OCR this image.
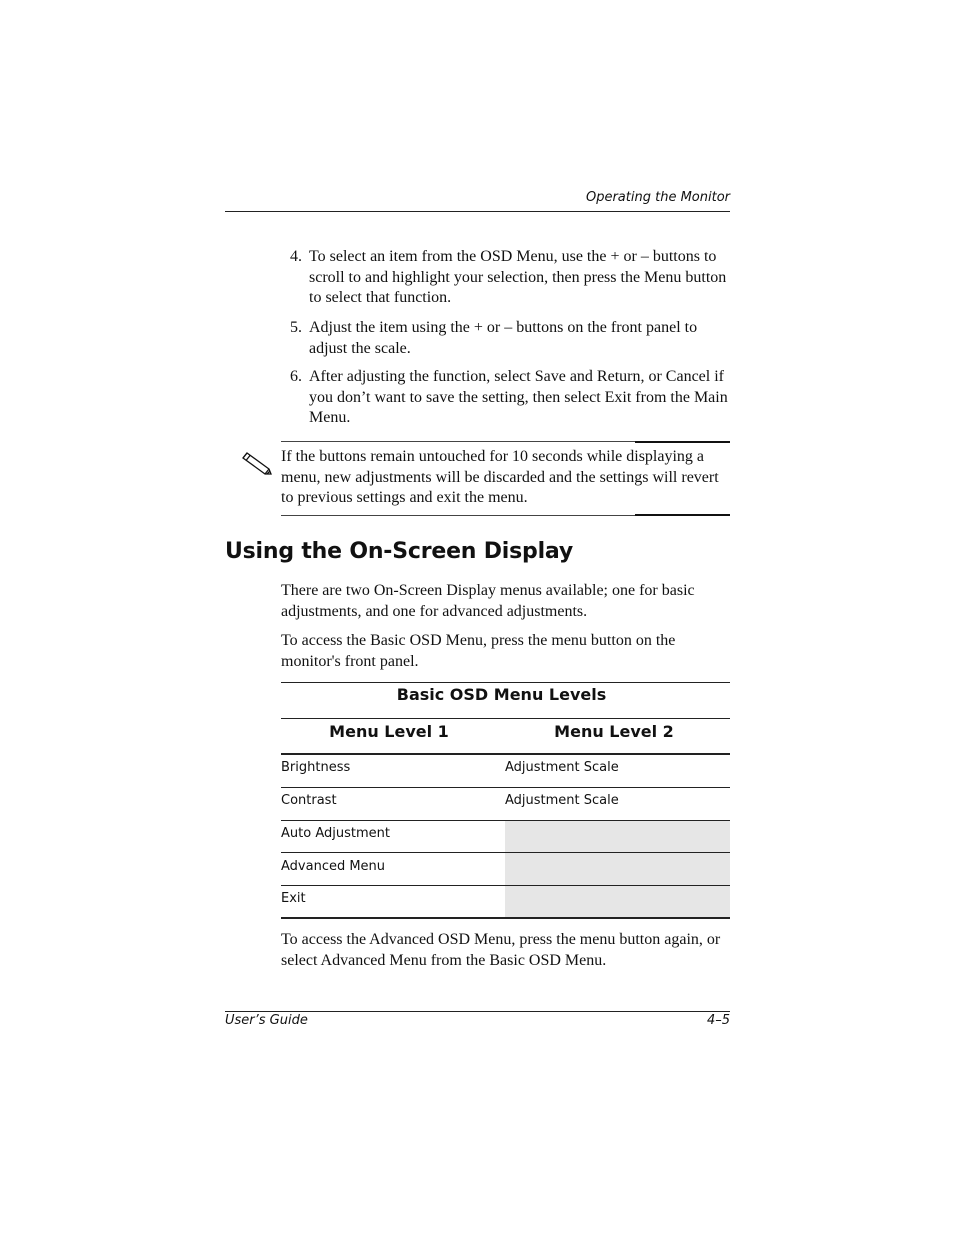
Operating the Monitor
4. To select an item from the OSD Menu, use the + or – buttons to scroll to and highlight your selection, then press the Menu button to select that function.
5. Adjust the item using the + or – buttons on the front panel to adjust the scale.
6. After adjusting the function, select Save and Return, or Cancel if you don’t want to save the setting, then select Exit from the Main Menu.
If the buttons remain untouched for 10 seconds while displaying a menu, new adjustments will be discarded and the settings will revert to previous settings and exit the menu.
Using the On-Screen Display
There are two On-Screen Display menus available; one for basic adjustments, and one for advanced adjustments.
To access the Basic OSD Menu, press the menu button on the monitor's front panel.
Basic OSD Menu Levels
Menu Level 1	Menu Level 2
Brightness	Adjustment Scale
Contrast	Adjustment Scale
Auto Adjustment
Advanced Menu
Exit
To access the Advanced OSD Menu, press the menu button again, or select Advanced Menu from the Basic OSD Menu.
User’s Guide	4–5
